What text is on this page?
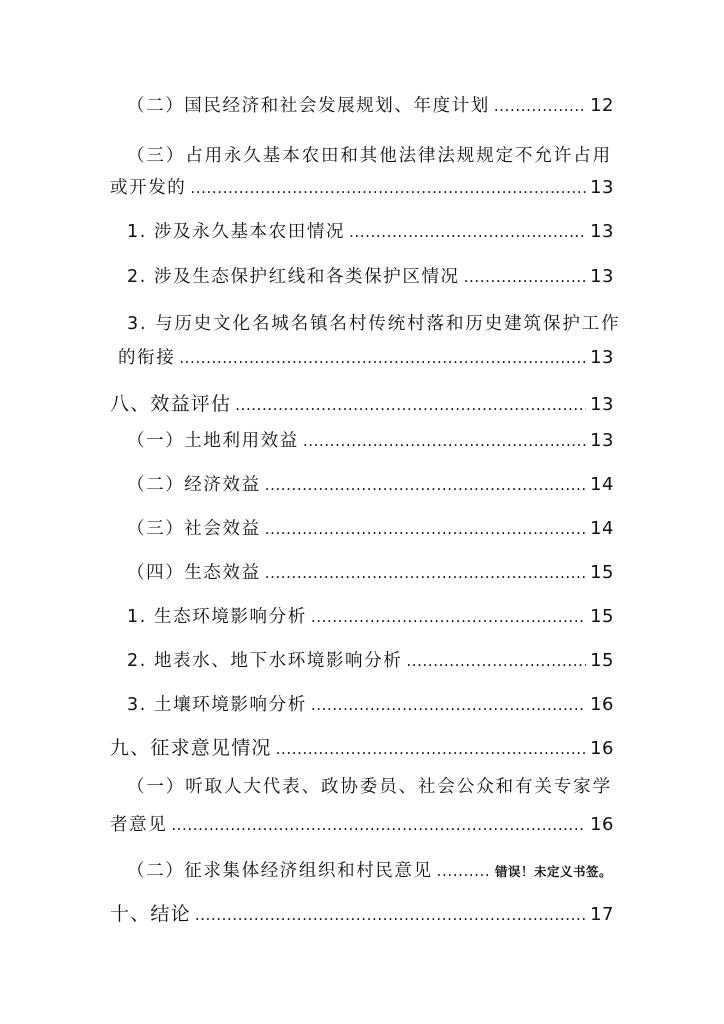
（二）国民经济和社会发展规划、年度计划 .....	12
（三）占用永久基本农田和其他法律法规规定不允许占用
或开发的 .....	13
1. 涉及永久基本农田情况 .....	13
2. 涉及生态保护红线和各类保护区情况 .....	13
3. 与历史文化名城名镇名村传统村落和历史建筑保护工作
的衔接 .....	13
八、效益评估 .....	13
（一）土地利用效益 .....	13
（二）经济效益 .....	14
（三）社会效益 .....	14
（四）生态效益 .....	15
1. 生态环境影响分析 .....	15
2. 地表水、地下水环境影响分析 .....	15
3. 土壤环境影响分析 .....	16
九、征求意见情况 .....	16
（一）听取人大代表、政协委员、社会公众和有关专家学
者意见 .....	16
（二）征求集体经济组织和村民意见 .....	错误！未定义书签。
十、结论 .....	17
